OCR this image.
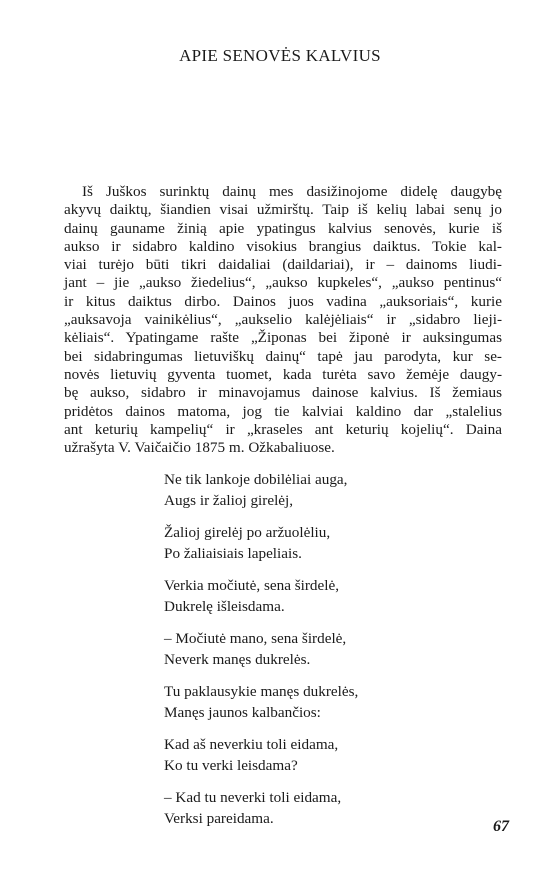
APIE SENOVĖS KALVIUS
Iš Juškos surinktų dainų mes dasižinojome didelę daugybę
akyvų daiktų, šiandien visai užmirštų. Taip iš kelių labai senų jo
dainų gauname žinią apie ypatingus kalvius senovės, kurie iš
aukso ir sidabro kaldino visokius brangius daiktus. Tokie kal-
viai turėjo būti tikri daidaliai (daildariai), ir – dainoms liudi-
jant – jie „aukso žiedelius“, „aukso kupkeles“, „aukso pentinus“
ir kitus daiktus dirbo. Dainos juos vadina „auksoriais“, kurie
„auksavoja vainikėlius“, „aukselio kalėjėliais“ ir „sidabro lieji-
kėliais“. Ypatingame rašte „Žiponas bei žiponė ir auksingumas
bei sidabringumas lietuviškų dainų“ tapė jau parodyta, kur se-
novės lietuvių gyventa tuomet, kada turėta savo žemėje daugy-
bę aukso, sidabro ir minavojamus dainose kalvius. Iš žemiaus
pridėtos dainos matoma, jog tie kalviai kaldino dar „stalelius
ant keturių kampelių“ ir „kraseles ant keturių kojelių“. Daina
užrašyta V. Vaičaičio 1875 m. Ožkabaliuose.
Ne tik lankoje dobilėliai auga,
Augs ir žalioj girelėj,
Žalioj girelėj po aržuolėliu,
Po žaliaisiais lapeliais.
Verkia močiutė, sena širdelė,
Dukrelę išleisdama.
– Močiutė mano, sena širdelė,
Neverk manęs dukrelės.
Tu paklausykie manęs dukrelės,
Manęs jaunos kalbančios:
Kad aš neverkiu toli eidama,
Ko tu verki leisdama?
– Kad tu neverki toli eidama,
Verksi pareidama.	67
